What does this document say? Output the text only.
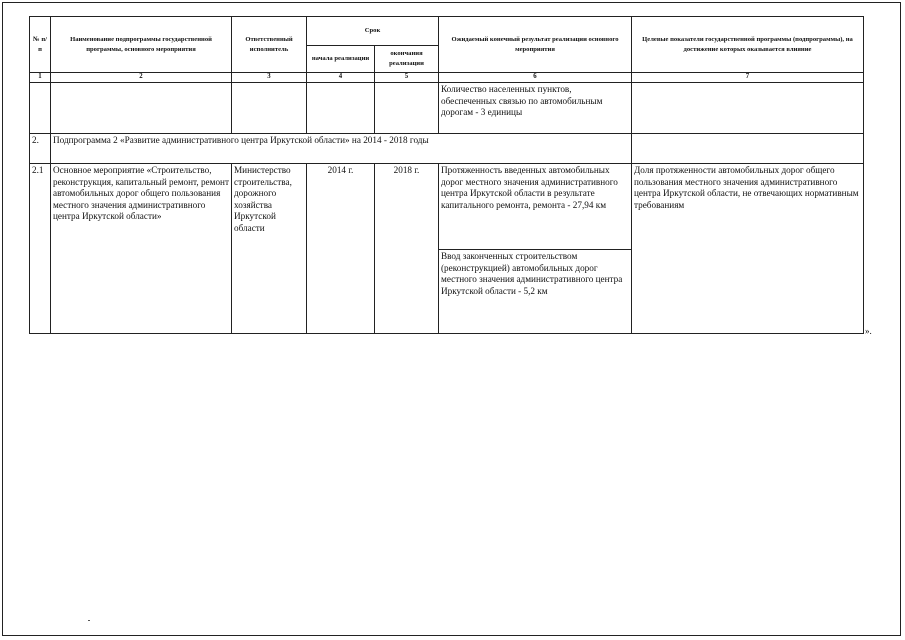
№ п/п	Наименование подпрограммы государственной программы, основного мероприятия	Ответственный исполнитель	Срок		Ожидаемый конечный результат реализации основного мероприятия	Целевые показатели государственной программы (подпрограммы), на достижение которых оказывается влияние
			начала реализации	окончания реализации		
1	2	3	4	5	6	7
					Количество населенных пунктов, обеспеченных связью по автомобильным дорогам - 3 единицы	
2.	Подпрограмма 2 «Развитие административного центра Иркутской области» на 2014 - 2018 годы					
2.1	Основное мероприятие «Строительство, реконструкция, капитальный ремонт, ремонт автомобильных дорог общего пользования местного значения административного центра Иркутской области»	Министерство строительства, дорожного хозяйства Иркутской области	2014 г.	2018 г.	Протяженность введенных автомобильных дорог местного значения административного центра Иркутской области в результате капитального ремонта, ремонта - 27,94 км	Доля протяженности автомобильных дорог общего пользования местного значения административного центра Иркутской области, не отвечающих нормативным требованиям
					Ввод законченных строительством (реконструкцией) автомобильных дорог местного значения административного центра Иркутской области - 5,2 км	
».
